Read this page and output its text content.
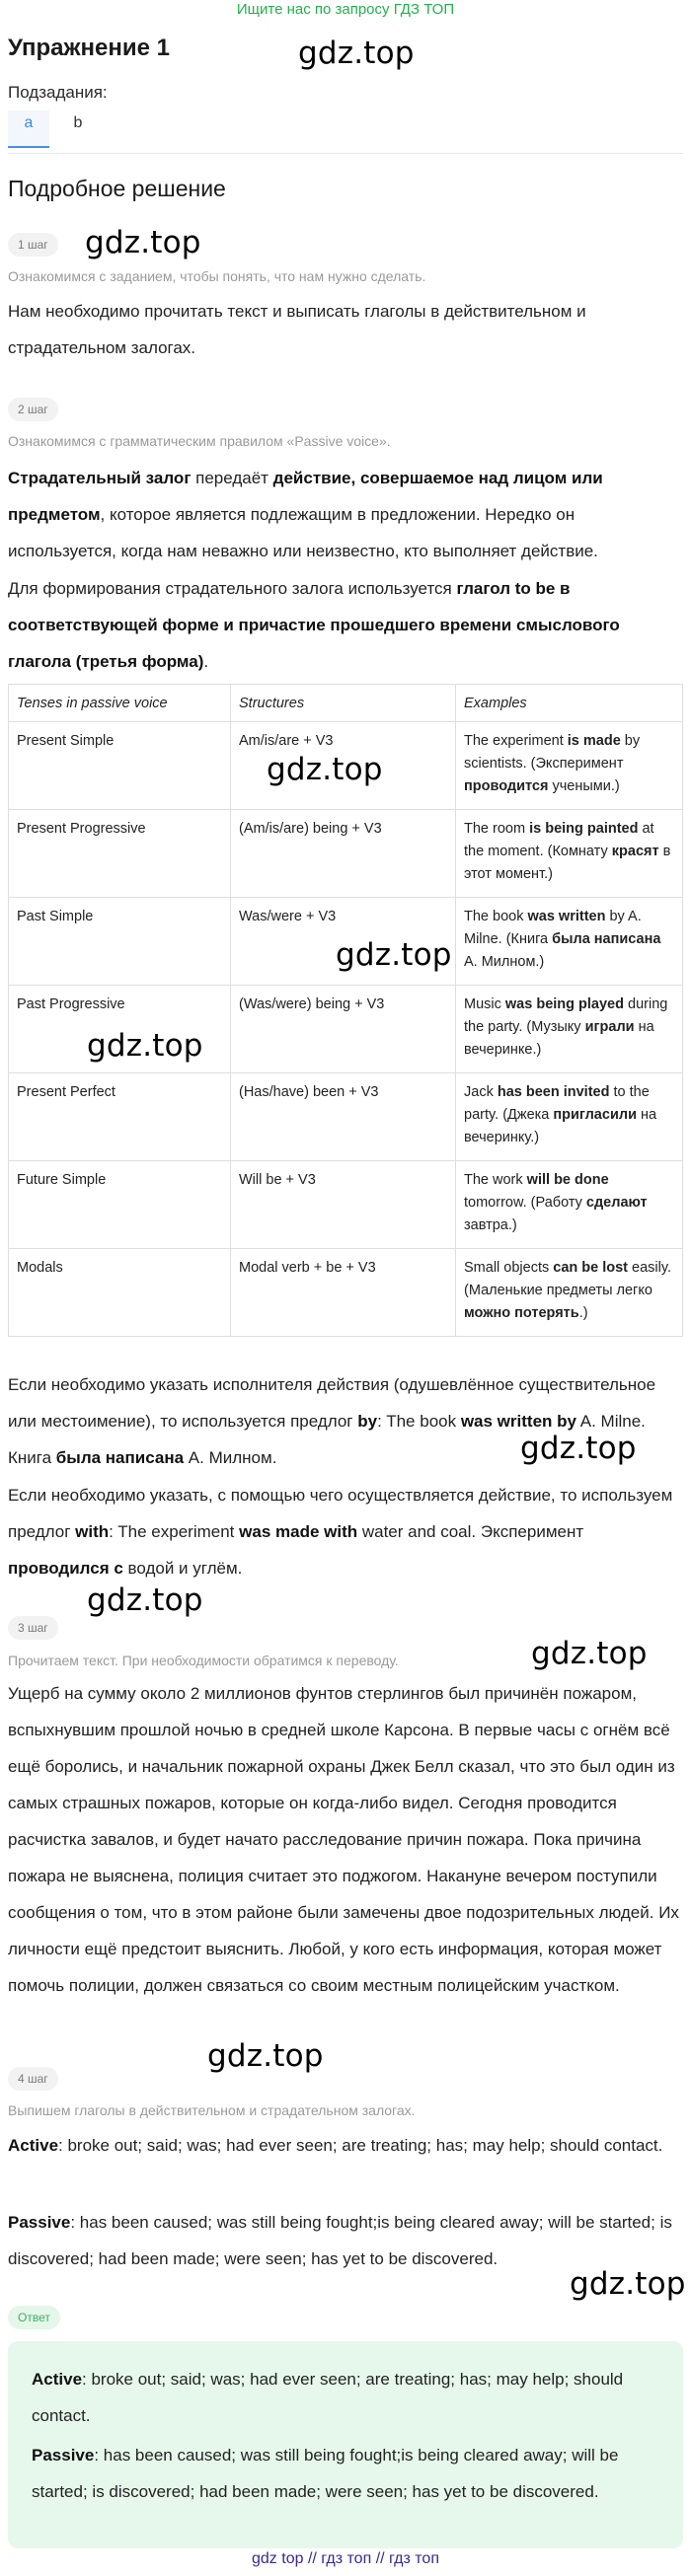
Ищите нас по запросу ГДЗ ТОП
Упражнение 1	gdz.top
Подзадания:
a	b
Подробное решение
1 шаг	gdz.top
Ознакомимся с заданием, чтобы понять, что нам нужно сделать.
Нам необходимо прочитать текст и выписать глаголы в действительном и страдательном залогах.
2 шаг
Ознакомимся с грамматическим правилом «Passive voice».
Страдательный залог передаёт действие, совершаемое над лицом или предметом, которое является подлежащим в предложении. Нередко он используется, когда нам неважно или неизвестно, кто выполняет действие.
Для формирования страдательного залога используется глагол to be в соответствующей форме и причастие прошедшего времени смыслового глагола (третья форма).
Tenses in passive voice	Structures	Examples
Present Simple	Am/is/are + V3	The experiment is made by scientists. (Эксперимент проводится учеными.)
Present Progressive	(Am/is/are) being + V3	The room is being painted at the moment. (Комнату красят в этот момент.)
Past Simple	Was/were + V3	The book was written by A. Milne. (Книга была написана А. Милном.)
Past Progressive	(Was/were) being + V3	Music was being played during the party. (Музыку играли на вечеринке.)
Present Perfect	(Has/have) been + V3	Jack has been invited to the party. (Джека пригласили на вечеринку.)
Future Simple	Will be + V3	The work will be done tomorrow. (Работу сделают завтра.)
Modals	Modal verb + be + V3	Small objects can be lost easily. (Маленькие предметы легко можно потерять.)
gdz.top
gdz.top
gdz.top
Если необходимо указать исполнителя действия (одушевлённое существительное или местоимение), то используется предлог by: The book was written by A. Milne. Книга была написана А. Милном.	gdz.top
Если необходимо указать, с помощью чего осуществляется действие, то используем предлог with: The experiment was made with water and coal. Эксперимент проводился с водой и углём.
gdz.top
3 шаг
gdz.top
Прочитаем текст. При необходимости обратимся к переводу.
Ущерб на сумму около 2 миллионов фунтов стерлингов был причинён пожаром, вспыхнувшим прошлой ночью в средней школе Карсона. В первые часы с огнём всё ещё боролись, и начальник пожарной охраны Джек Белл сказал, что это был один из самых страшных пожаров, которые он когда-либо видел. Сегодня проводится расчистка завалов, и будет начато расследование причин пожара. Пока причина пожара не выяснена, полиция считает это поджогом. Накануне вечером поступили сообщения о том, что в этом районе были замечены двое подозрительных людей. Их личности ещё предстоит выяснить. Любой, у кого есть информация, которая может помочь полиции, должен связаться со своим местным полицейским участком.
gdz.top
4 шаг
Выпишем глаголы в действительном и страдательном залогах.
Active: broke out; said; was; had ever seen; are treating; has; may help; should contact.
Passive: has been caused; was still being fought;is being cleared away; will be started; is discovered; had been made; were seen; has yet to be discovered.
gdz.top
Ответ
Active: broke out; said; was; had ever seen; are treating; has; may help; should contact.
Passive: has been caused; was still being fought;is being cleared away; will be started; is discovered; had been made; were seen; has yet to be discovered.
gdz top // гдз топ // гдз топ
